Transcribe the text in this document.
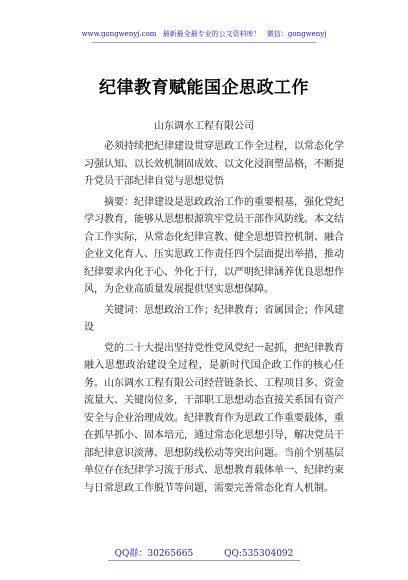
www.gongwenyj.com 最新最全最专业的公文资料库！ 微信：gongwenyj
纪律教育赋能国企思政工作
山东调水工程有限公司

必须持续把纪律建设贯穿思政工作全过程，以常态化学习强认知、以长效机制固成效、以文化浸润塑品格，不断提升党员干部纪律自觉与思想觉悟

摘要：纪律建设是思政政治工作的重要根基，强化党纪学习教育，能够从思想根源筑牢党员干部作风防线。本文结合工作实际，从常态化纪律宣教、健全思想管控机制、融合企业文化育人、压实思政工作责任四个层面提出举措，推动纪律要求内化于心、外化于行，以严明纪律涵养优良思想作风，为企业高质量发展提供坚实思想保障。

关键词：思想政治工作；纪律教育；省属国企；作风建设

党的二十大提出坚持党性党风党纪一起抓，把纪律教育融入思想政治建设全过程，是新时代国企政工作的核心任务。山东调水工程有限公司经营链条长、工程项目多、资金流量大、关键岗位多，干部职工思想动态直接关系国有资产安全与企业治理成效。纪律教育作为思政工作重要载体，重在抓早抓小、固本培元，通过常态化思想引导，解决党员干部纪律意识淡薄、思想防线松动等突出问题。当前个别基层单位存在纪律学习流于形式、思想教育载体单一、纪律约束与日常思政工作脱节等问题，需要完善常态化育人机制。

QQ群：30265665	QQ:535304092
